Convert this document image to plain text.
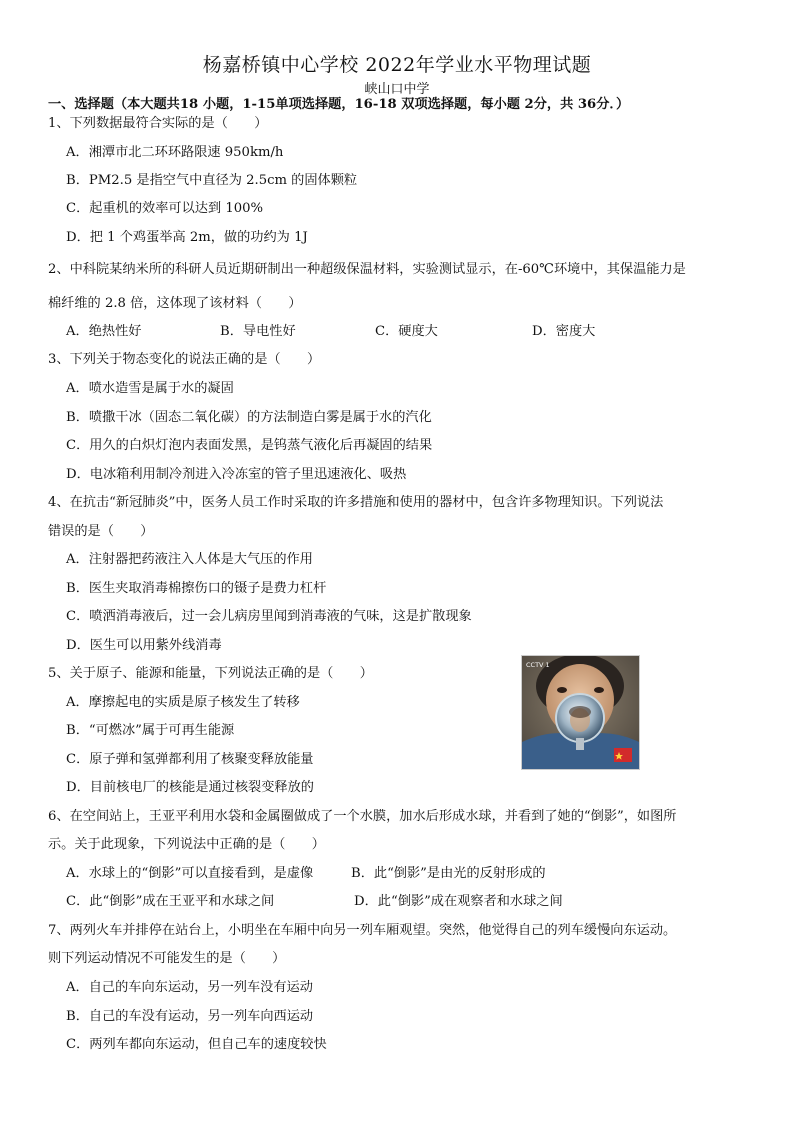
杨嘉桥镇中心学校 2022年学业水平物理试题
峡山口中学
一、选择题（本大题共18 小题，1-15单项选择题，16-18 双项选择题，每小题 2分，共 36分．）
1、下列数据最符合实际的是（　　）
A．湘潭市北二环环路限速 950km/h
B．PM2.5 是指空气中直径为 2.5cm 的固体颗粒
C．起重机的效率可以达到 100%
D．把 1 个鸡蛋举高 2m，做的功约为 1J
2、中科院某纳米所的科研人员近期研制出一种超级保温材料，实验测试显示，在-60℃环境中，其保温能力是
棉纤维的 2.8 倍，这体现了该材料（　　）
A．绝热性好	B．导电性好	C．硬度大	D．密度大
3、下列关于物态变化的说法正确的是（　　）
A．喷水造雪是属于水的凝固
B．喷撒干冰（固态二氧化碳）的方法制造白雾是属于水的汽化
C．用久的白炽灯泡内表面发黑，是钨蒸气液化后再凝固的结果
D．电冰箱利用制冷剂进入冷冻室的管子里迅速液化、吸热
4、在抗击“新冠肺炎”中，医务人员工作时采取的许多措施和使用的器材中，包含许多物理知识。下列说法
错误的是（　　）
A．注射器把药液注入人体是大气压的作用
B．医生夹取消毒棉擦伤口的镊子是费力杠杆
C．喷洒消毒液后，过一会儿病房里闻到消毒液的气味，这是扩散现象
D．医生可以用紫外线消毒
5、关于原子、能源和能量，下列说法正确的是（　　）
A．摩擦起电的实质是原子核发生了转移
B．“可燃冰”属于可再生能源
C．原子弹和氢弹都利用了核聚变释放能量
D．目前核电厂的核能是通过核裂变释放的
CCTV 1
6、在空间站上，王亚平利用水袋和金属圈做成了一个水膜，加水后形成水球，并看到了她的“倒影”，如图所
示。关于此现象，下列说法中正确的是（　　）
A．水球上的“倒影”可以直接看到，是虚像	B．此“倒影”是由光的反射形成的
C．此“倒影”成在王亚平和水球之间	D．此“倒影”成在观察者和水球之间
7、两列火车并排停在站台上，小明坐在车厢中向另一列车厢观望。突然，他觉得自己的列车缓慢向东运动。
则下列运动情况不可能发生的是（　　）
A．自己的车向东运动，另一列车没有运动
B．自己的车没有运动，另一列车向西运动
C．两列车都向东运动，但自己车的速度较快
